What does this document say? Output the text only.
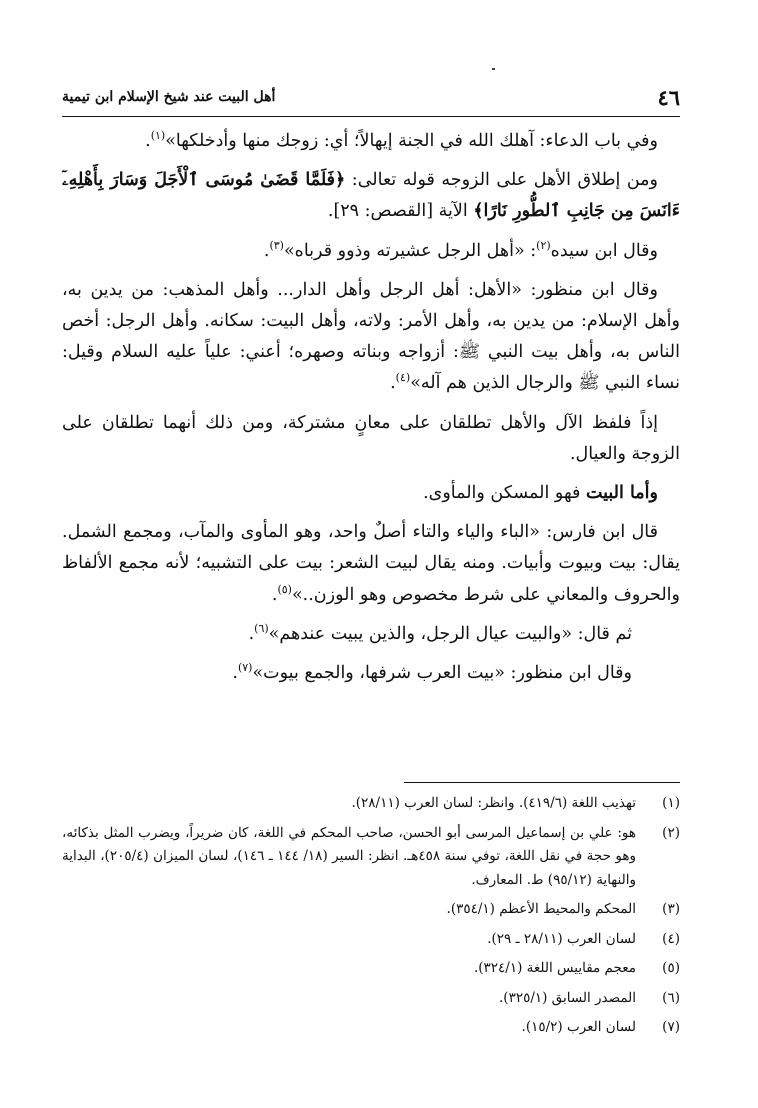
٤٦
أهل البيت عند شيخ الإسلام ابن تيمية

وفي باب الدعاء: آهلك الله في الجنة إيهالاً؛ أي: زوجك منها وأدخلكها»$^{(١)}$.

ومن إطلاق الأهل على الزوجه قوله تعالى: ﴿فَلَمَّا قَضَىٰ مُوسَى ٱلْأَجَلَ وَسَارَ بِأَهْلِهِۦٓ ءَانَسَ مِن جَانِبِ ٱلطُّورِ نَارًا﴾ الآية [القصص: ٢٩].

وقال ابن سيده$^{(٢)}$: «أهل الرجل عشيرته وذوو قرباه»$^{(٣)}$.

وقال ابن منظور: «الأهل: أهل الرجل وأهل الدار... وأهل المذهب: من يدين به، وأهل الإسلام: من يدين به، وأهل الأمر: ولاته، وأهل البيت: سكانه. وأهل الرجل: أخص الناس به، وأهل بيت النبي ﷺ: أزواجه وبناته وصهره؛ أعني: علياً عليه السلام وقيل: نساء النبي ﷺ والرجال الذين هم آله»$^{(٤)}$.

إذاً فلفظ الآل والأهل تطلقان على معانٍ مشتركة، ومن ذلك أنهما تطلقان على الزوجة والعيال.

وأما البيت فهو المسكن والمأوى.

قال ابن فارس: «الباء والياء والتاء أصلٌ واحد، وهو المأوى والمآب، ومجمع الشمل. يقال: بيت وبيوت وأبيات. ومنه يقال لبيت الشعر: بيت على التشبيه؛ لأنه مجمع الألفاظ والحروف والمعاني على شرط مخصوص وهو الوزن..»$^{(٥)}$.

ثم قال: «والبيت عيال الرجل، والذين يبيت عندهم»$^{(٦)}$.

وقال ابن منظور: «بيت العرب شرفها، والجمع بيوت»$^{(٧)}$.

(١)
تهذيب اللغة (٤١٩/٦). وانظر: لسان العرب (٢٨/١١).
(٢)
هو: علي بن إسماعيل المرسى أبو الحسن، صاحب المحكم في اللغة، كان ضريراً، ويضرب المثل بذكائه، وهو حجة في نقل اللغة، توفي سنة ٤٥٨هـ. انظر: السير (١٨/ ١٤٤ ـ ١٤٦)، لسان الميزان (٢٠٥/٤)، البداية والنهاية (٩٥/١٢) ط. المعارف.
(٣)
المحكم والمحيط الأعظم (٣٥٤/١).
(٤)
لسان العرب (٢٨/١١ ـ ٢٩).
(٥)
معجم مقاييس اللغة (٣٢٤/١).
(٦)
المصدر السابق (٣٢٥/١).
(٧)
لسان العرب (١٥/٢).
